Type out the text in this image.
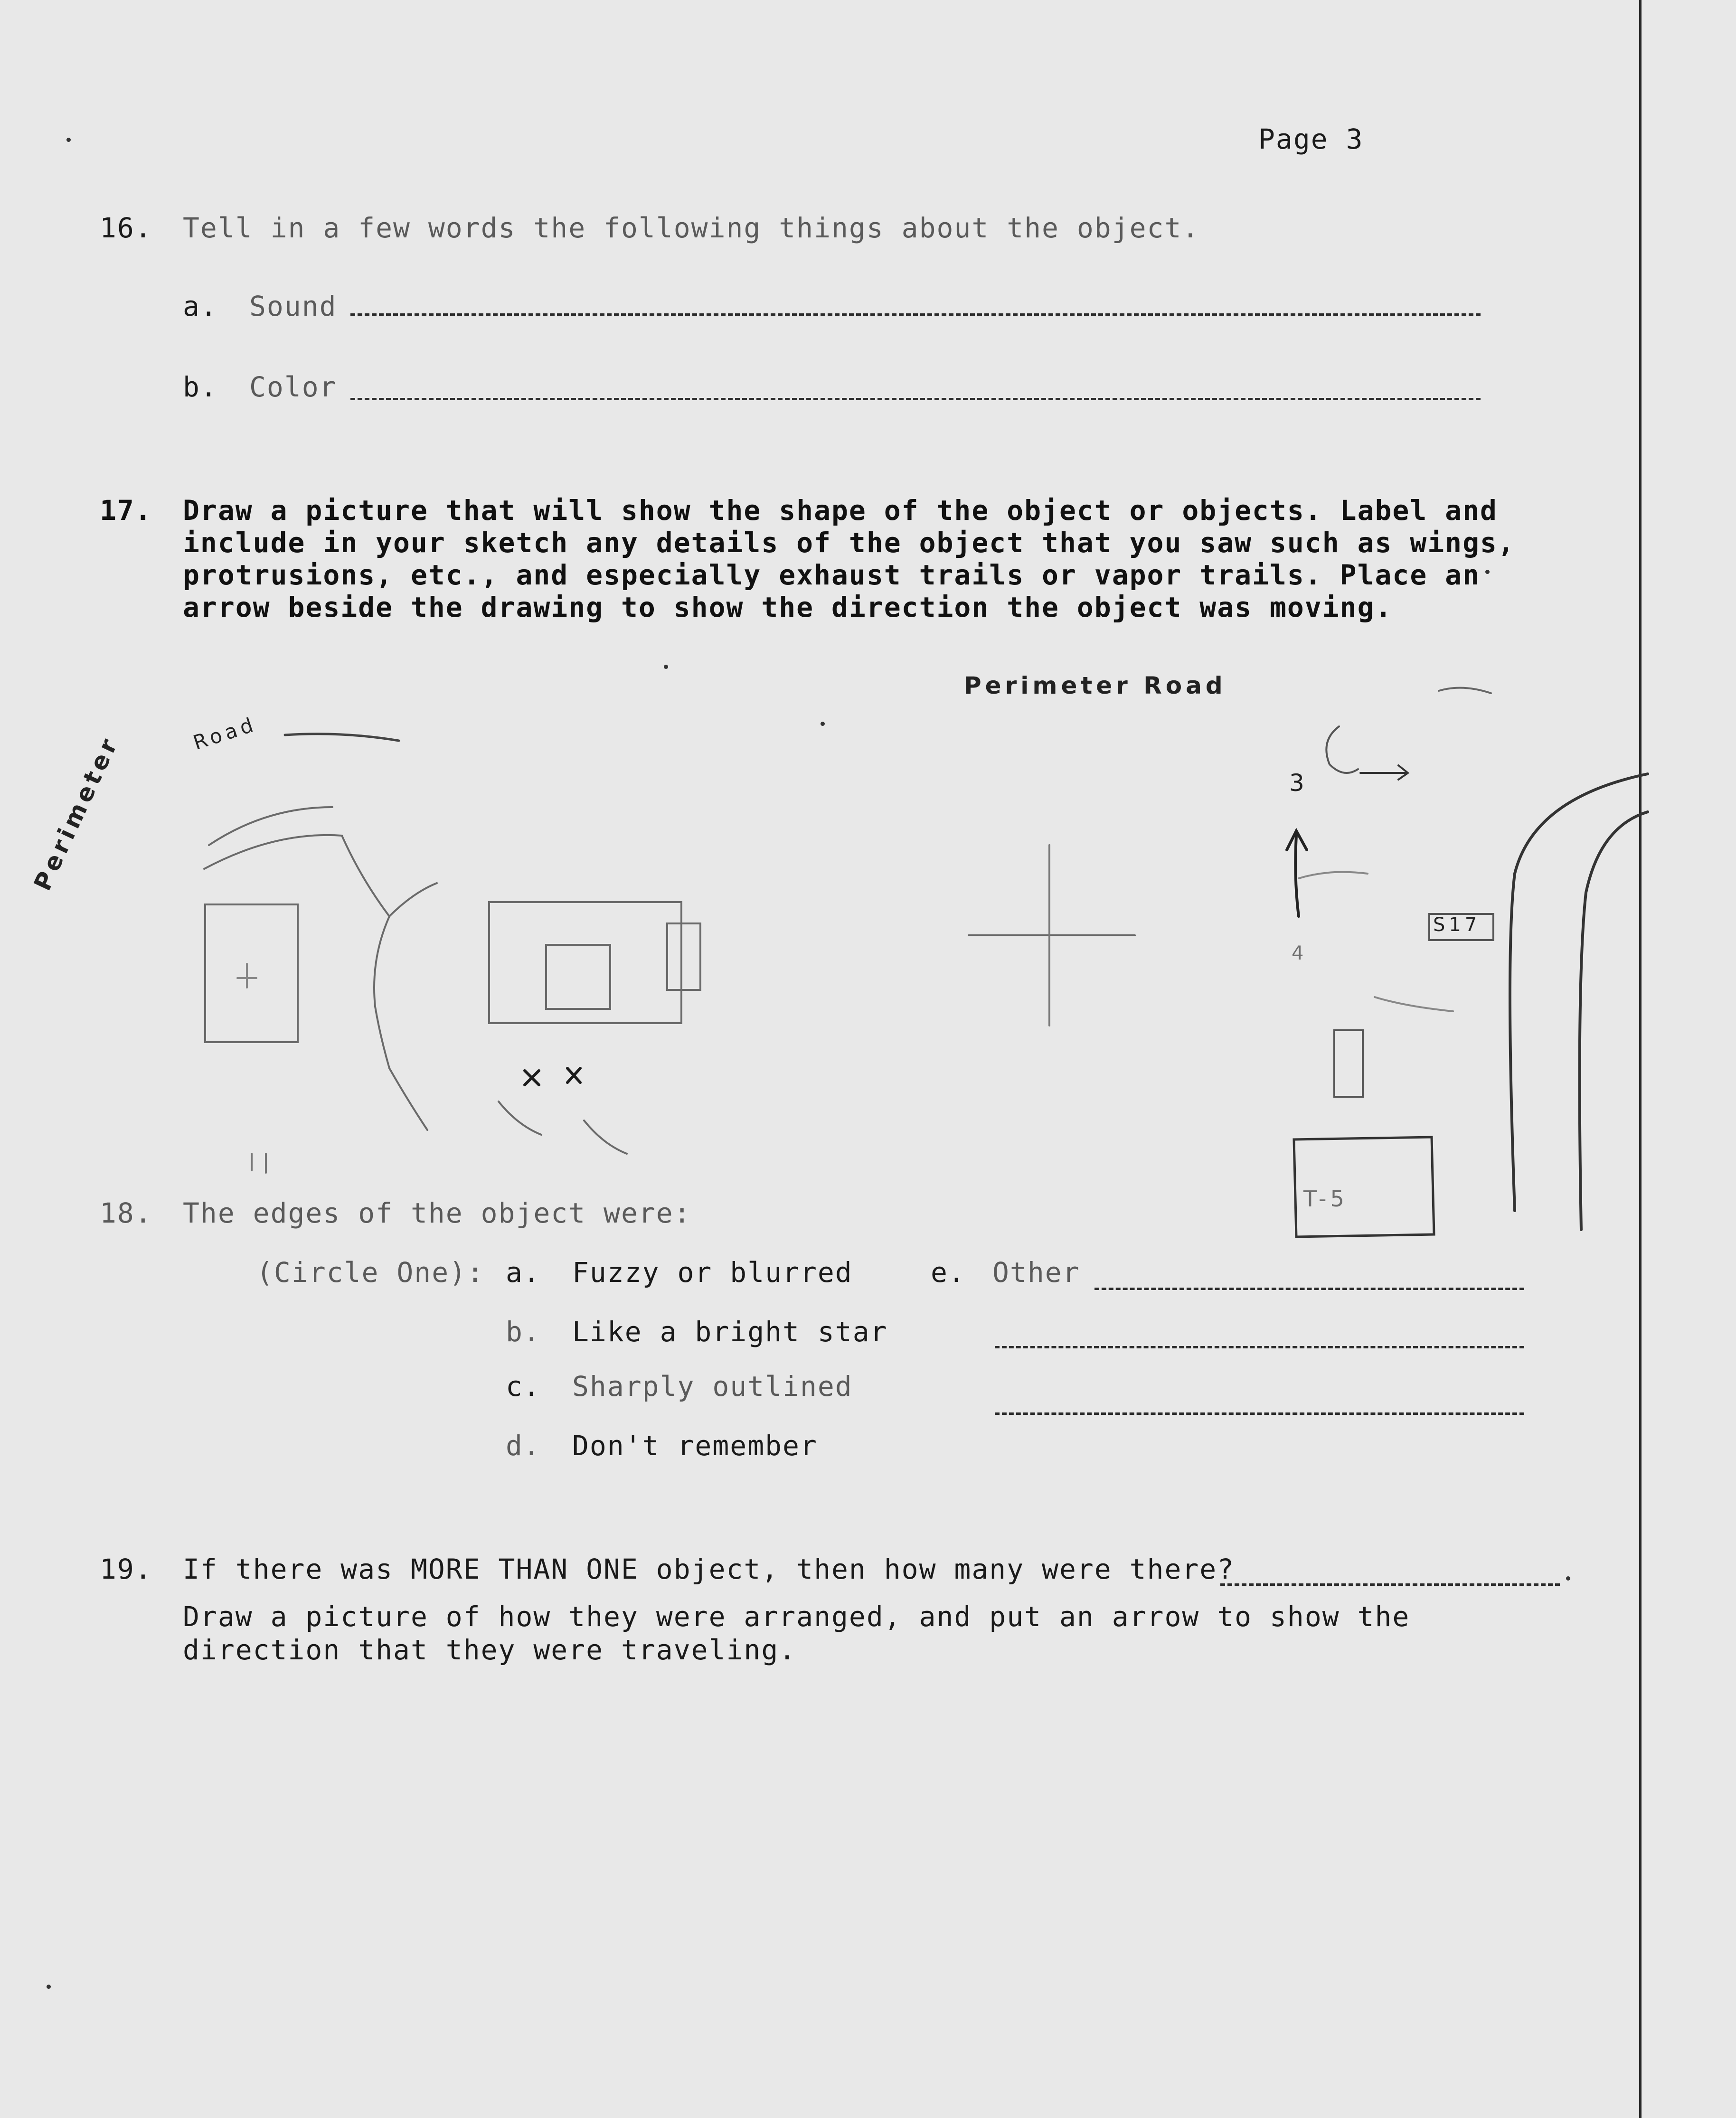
Page 3
16. Tell in a few words the following things about the object.
a. Sound
b. Color
17. Draw a picture that will show the shape of the object or objects. Label and
include in your sketch any details of the object that you saw such as wings,
protrusions, etc., and especially exhaust trails or vapor trails. Place an
arrow beside the drawing to show the direction the object was moving.
Perimeter Road
Perimeter	Road
3
4
S17
T-5
18. The edges of the object were:
(Circle One): a. Fuzzy or blurred	e. Other
b. Like a bright star
c. Sharply outlined
d. Don't remember
19. If there was MORE THAN ONE object, then how many were there?
Draw a picture of how they were arranged, and put an arrow to show the
direction that they were traveling.
